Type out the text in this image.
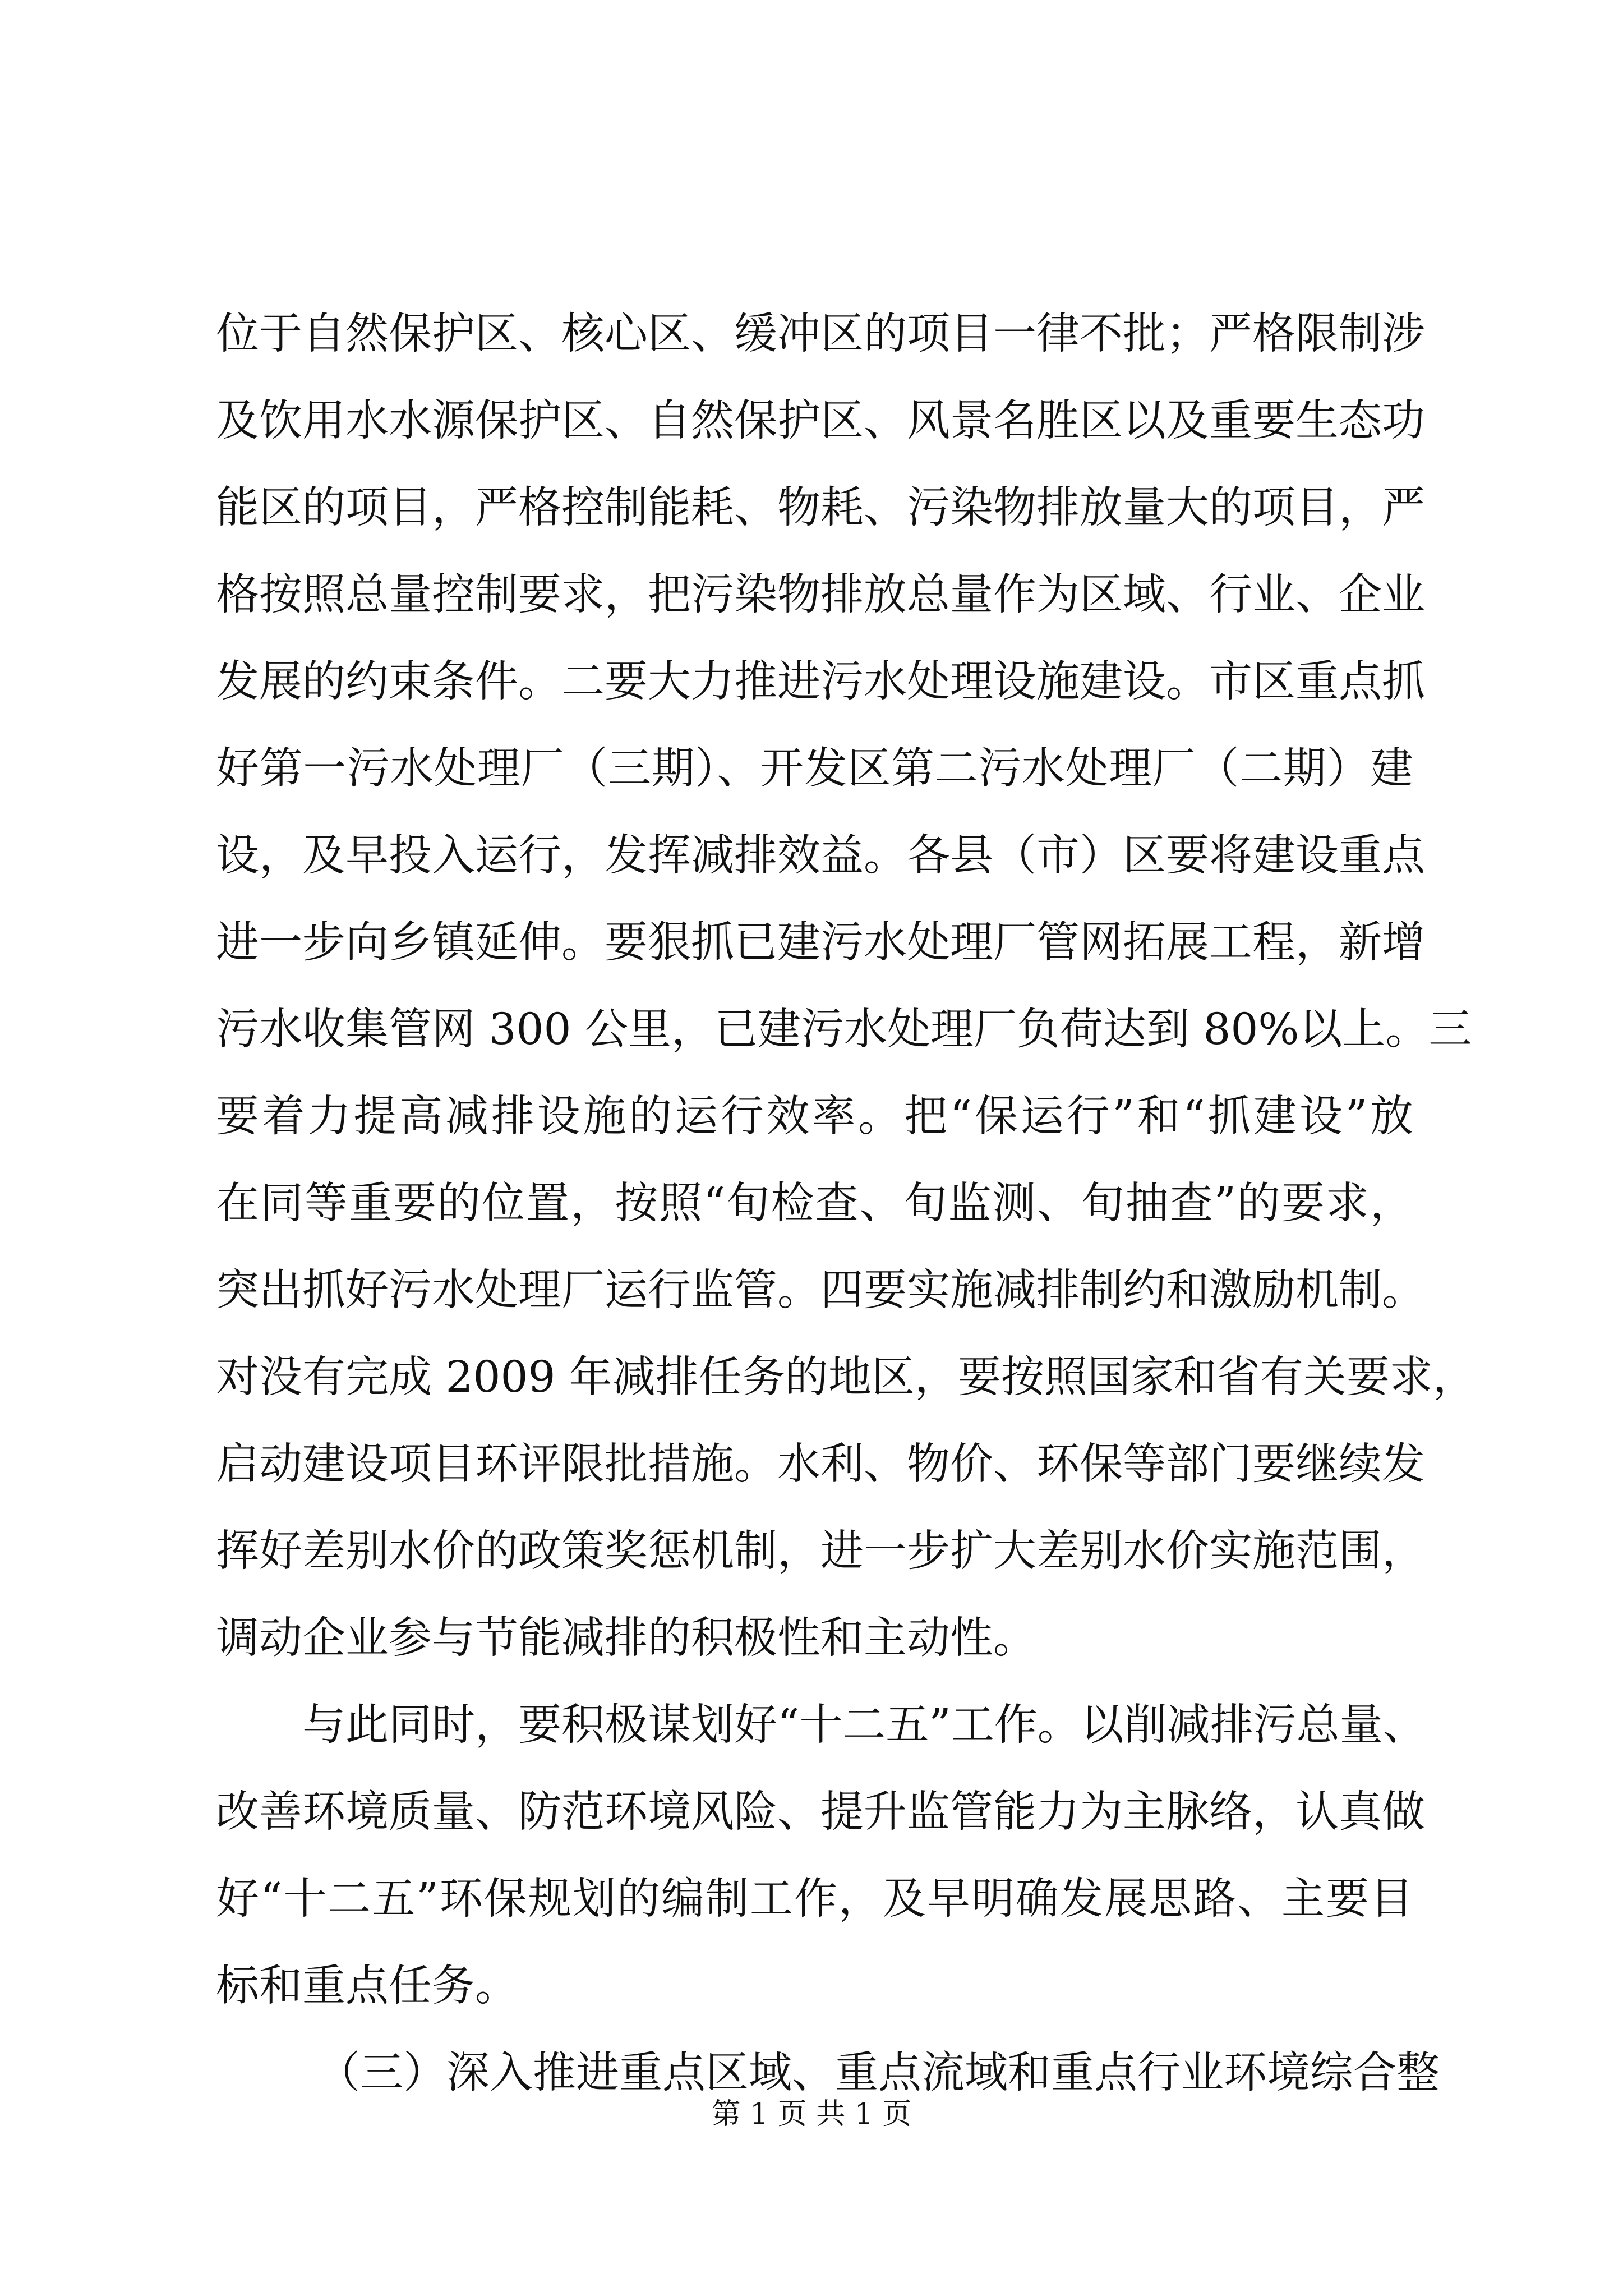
位于自然保护区、核心区、缓冲区的项目一律不批；严格限制涉
及饮用水水源保护区、自然保护区、风景名胜区以及重要生态功
能区的项目，严格控制能耗、物耗、污染物排放量大的项目，严
格按照总量控制要求，把污染物排放总量作为区域、行业、企业
发展的约束条件。二要大力推进污水处理设施建设。市区重点抓
好第一污水处理厂（三期）、开发区第二污水处理厂（二期）建
设，及早投入运行，发挥减排效益。各县（市）区要将建设重点
进一步向乡镇延伸。要狠抓已建污水处理厂管网拓展工程，新增
污水收集管网 300 公里，已建污水处理厂负荷达到 80%以上。三
要着力提高减排设施的运行效率。把“保运行”和“抓建设”放
在同等重要的位置，按照“旬检查、旬监测、旬抽查”的要求，
突出抓好污水处理厂运行监管。四要实施减排制约和激励机制。
对没有完成 2009 年减排任务的地区，要按照国家和省有关要求，
启动建设项目环评限批措施。水利、物价、环保等部门要继续发
挥好差别水价的政策奖惩机制，进一步扩大差别水价实施范围，
调动企业参与节能减排的积极性和主动性。
与此同时，要积极谋划好“十二五”工作。以削减排污总量、
改善环境质量、防范环境风险、提升监管能力为主脉络，认真做
好“十二五”环保规划的编制工作，及早明确发展思路、主要目
标和重点任务。
（三）深入推进重点区域、重点流域和重点行业环境综合整
第 1 页 共 1 页
